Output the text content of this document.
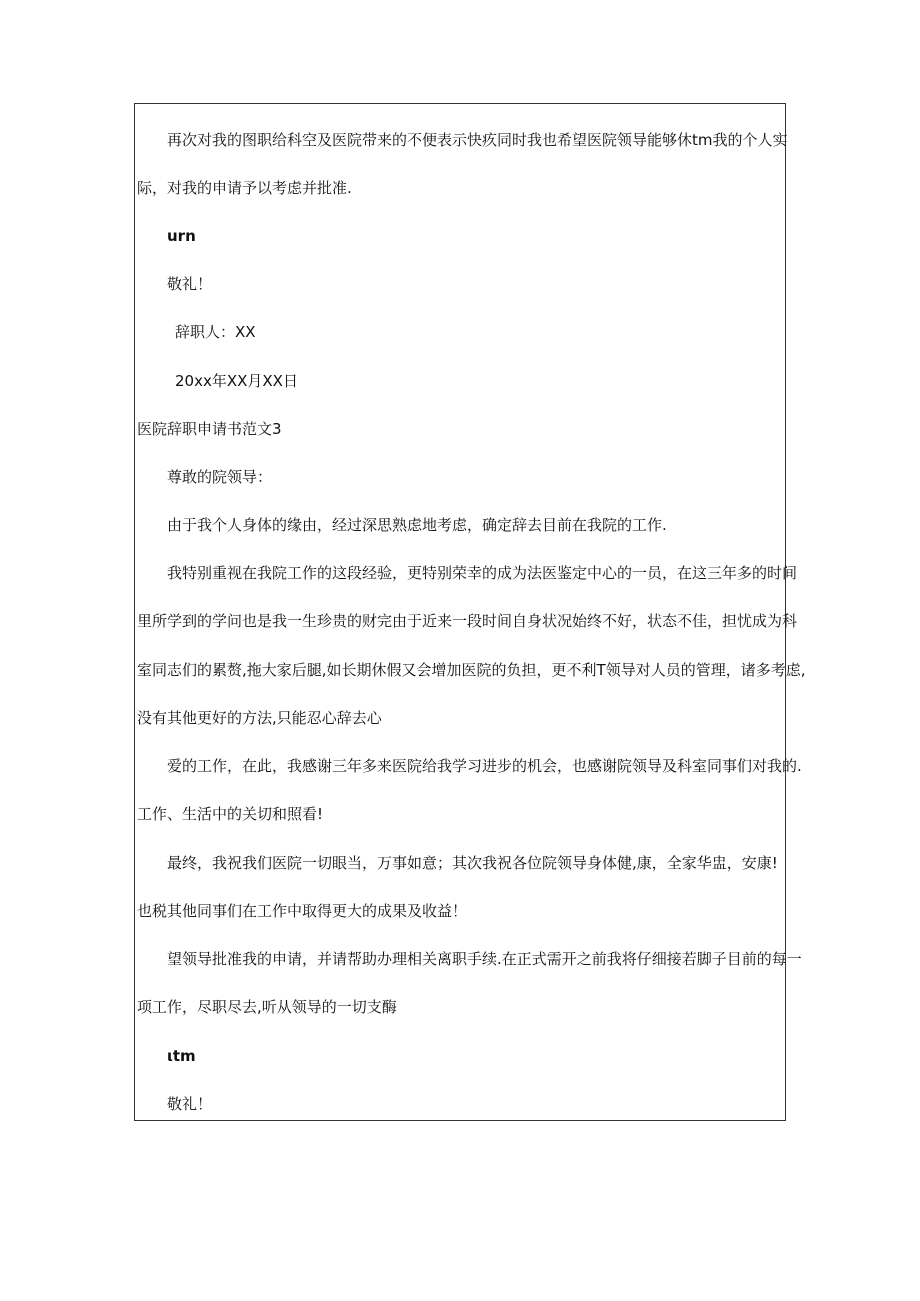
再次对我的图职给科空及医院带来的不便表示快疚同时我也希望医院领导能够休tm我的个人实
际，对我的申请予以考虑并批准.
urn
敬礼！
辞职人：XX
20xx年XX月XX日
医院辞职申请书范文3
尊敢的院领导：
由于我个人身体的缘由，经过深思熟虑地考虑，确定辞去目前在我院的工作.
我特别重视在我院工作的这段经验，更特别荣幸的成为法医鉴定中心的一员，在这三年多的时间
里所学到的学问也是我一生珍贵的财完由于近来一段时间自身状况始终不好，状态不佳，担忧成为科
室同志们的累赘,拖大家后腿,如长期休假又会增加医院的负担，更不利T领导对人员的管理，诸多考虑,
没有其他更好的方法,只能忍心辞去心
爱的工作，在此，我感谢三年多来医院给我学习进步的机会，也感谢院领导及科室同事们对我的.
工作、生活中的关切和照看!
最终，我祝我们医院一切眼当，万事如意；其次我祝各位院领导身体健,康，全家华盅，安康!
也税其他同事们在工作中取得更大的成果及收益！
望领导批准我的申请，并请帮助办理相关离职手续.在正式需开之前我将仔细接若脚子目前的每一
项工作，尽职尽去,听从领导的一切支酶
ιtm
敬礼！
